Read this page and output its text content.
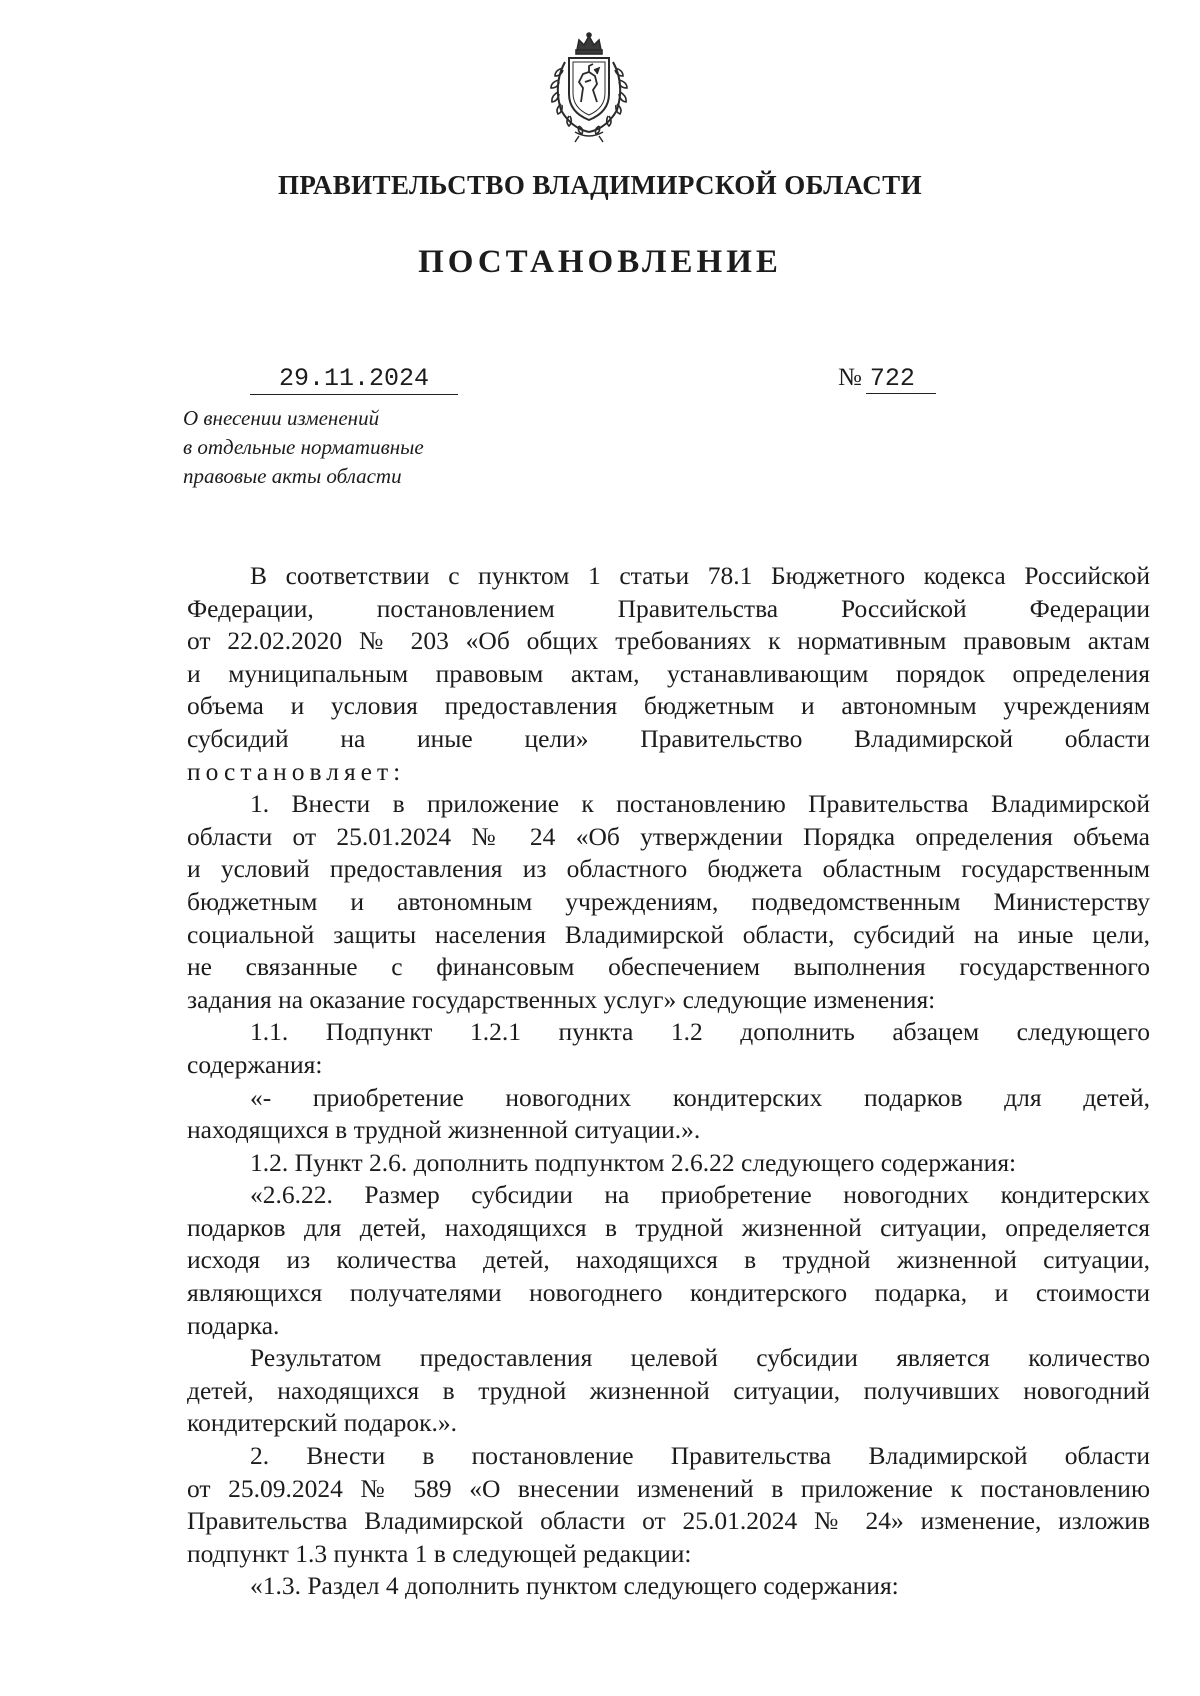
ПРАВИТЕЛЬСТВО ВЛАДИМИРСКОЙ ОБЛАСТИ
ПОСТАНОВЛЕНИЕ
29.11.2024	№ 722
О внесении изменений
в отдельные нормативные
правовые акты области
В соответствии с пунктом 1 статьи 78.1 Бюджетного кодекса Российской
Федерации, постановлением Правительства Российской Федерации
от 22.02.2020 № 203 «Об общих требованиях к нормативным правовым актам
и муниципальным правовым актам, устанавливающим порядок определения
объема и условия предоставления бюджетным и автономным учреждениям
субсидий на иные цели» Правительство Владимирской области
постановляет:
1. Внести в приложение к постановлению Правительства Владимирской
области от 25.01.2024 № 24 «Об утверждении Порядка определения объема
и условий предоставления из областного бюджета областным государственным
бюджетным и автономным учреждениям, подведомственным Министерству
социальной защиты населения Владимирской области, субсидий на иные цели,
не связанные с финансовым обеспечением выполнения государственного
задания на оказание государственных услуг» следующие изменения:
1.1. Подпункт 1.2.1 пункта 1.2 дополнить абзацем следующего
содержания:
«- приобретение новогодних кондитерских подарков для детей,
находящихся в трудной жизненной ситуации.».
1.2. Пункт 2.6. дополнить подпунктом 2.6.22 следующего содержания:
«2.6.22. Размер субсидии на приобретение новогодних кондитерских
подарков для детей, находящихся в трудной жизненной ситуации, определяется
исходя из количества детей, находящихся в трудной жизненной ситуации,
являющихся получателями новогоднего кондитерского подарка, и стоимости
подарка.
Результатом предоставления целевой субсидии является количество
детей, находящихся в трудной жизненной ситуации, получивших новогодний
кондитерский подарок.».
2. Внести в постановление Правительства Владимирской области
от 25.09.2024 № 589 «О внесении изменений в приложение к постановлению
Правительства Владимирской области от 25.01.2024 № 24» изменение, изложив
подпункт 1.3 пункта 1 в следующей редакции:
«1.3. Раздел 4 дополнить пунктом следующего содержания:
